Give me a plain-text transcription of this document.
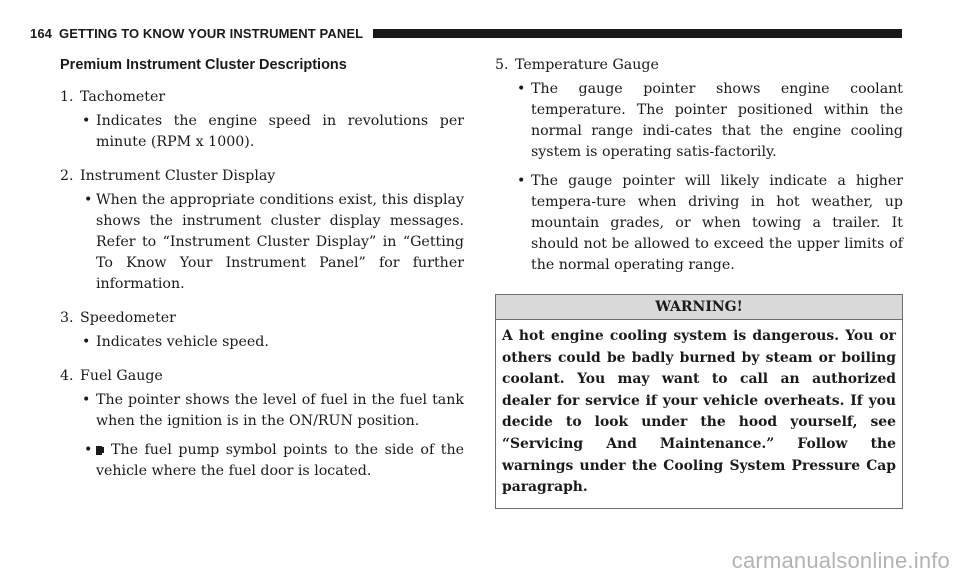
164 GETTING TO KNOW YOUR INSTRUMENT PANEL
Premium Instrument Cluster Descriptions
1. Tachometer
• Indicates the engine speed in revolutions per minute (RPM x 1000).
2. Instrument Cluster Display
• When the appropriate conditions exist, this display shows the instrument cluster display messages. Refer to “Instrument Cluster Display” in “Getting To Know Your Instrument Panel” for further information.
3. Speedometer
• Indicates vehicle speed.
4. Fuel Gauge
• The pointer shows the level of fuel in the fuel tank when the ignition is in the ON/RUN position.
• The fuel pump symbol points to the side of the vehicle where the fuel door is located.
5. Temperature Gauge
• The gauge pointer shows engine coolant temperature. The pointer positioned within the normal range indi-cates that the engine cooling system is operating satis-factorily.
• The gauge pointer will likely indicate a higher tempera-ture when driving in hot weather, up mountain grades, or when towing a trailer. It should not be allowed to exceed the upper limits of the normal operating range.
WARNING!
A hot engine cooling system is dangerous. You or others could be badly burned by steam or boiling coolant. You may want to call an authorized dealer for service if your vehicle overheats. If you decide to look under the hood yourself, see “Servicing And Maintenance.” Follow the warnings under the Cooling System Pressure Cap paragraph.
carmanualsonline.info
